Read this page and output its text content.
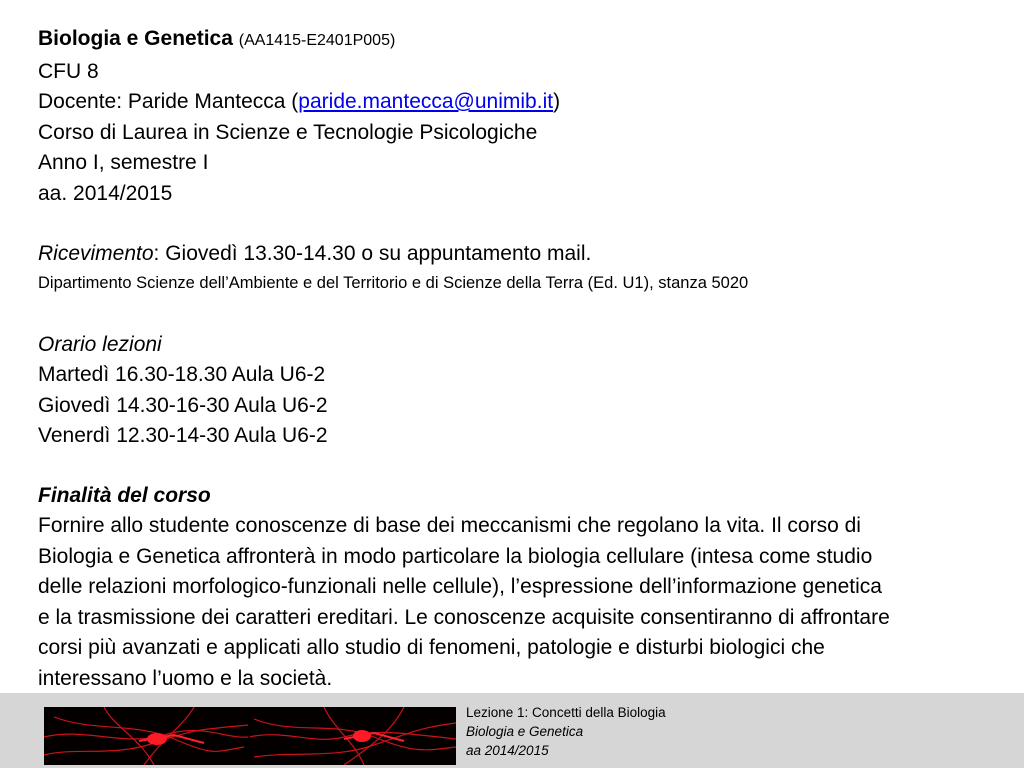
Biologia e Genetica (AA1415-E2401P005)
CFU 8
Docente: Paride Mantecca (paride.mantecca@unimib.it)
Corso di Laurea in Scienze e Tecnologie Psicologiche
Anno I, semestre I
aa. 2014/2015
Ricevimento: Giovedì 13.30-14.30 o su appuntamento mail.
Dipartimento Scienze dell’Ambiente e del Territorio e di Scienze della Terra (Ed. U1), stanza 5020
Orario lezioni
Martedì 16.30-18.30 Aula U6-2
Giovedì 14.30-16-30 Aula U6-2
Venerdì 12.30-14-30 Aula U6-2
Finalità del corso
Fornire allo studente conoscenze di base dei meccanismi che regolano la vita. Il corso di
Biologia e Genetica affronterà in modo particolare la biologia cellulare (intesa come studio
delle relazioni morfologico-funzionali nelle cellule), l’espressione dell’informazione genetica
e la trasmissione dei caratteri ereditari. Le conoscenze acquisite consentiranno di affrontare
corsi più avanzati e applicati allo studio di fenomeni, patologie e disturbi biologici che
interessano l’uomo e la società.
Lezione 1: Concetti della Biologia
Biologia e Genetica
aa 2014/2015
